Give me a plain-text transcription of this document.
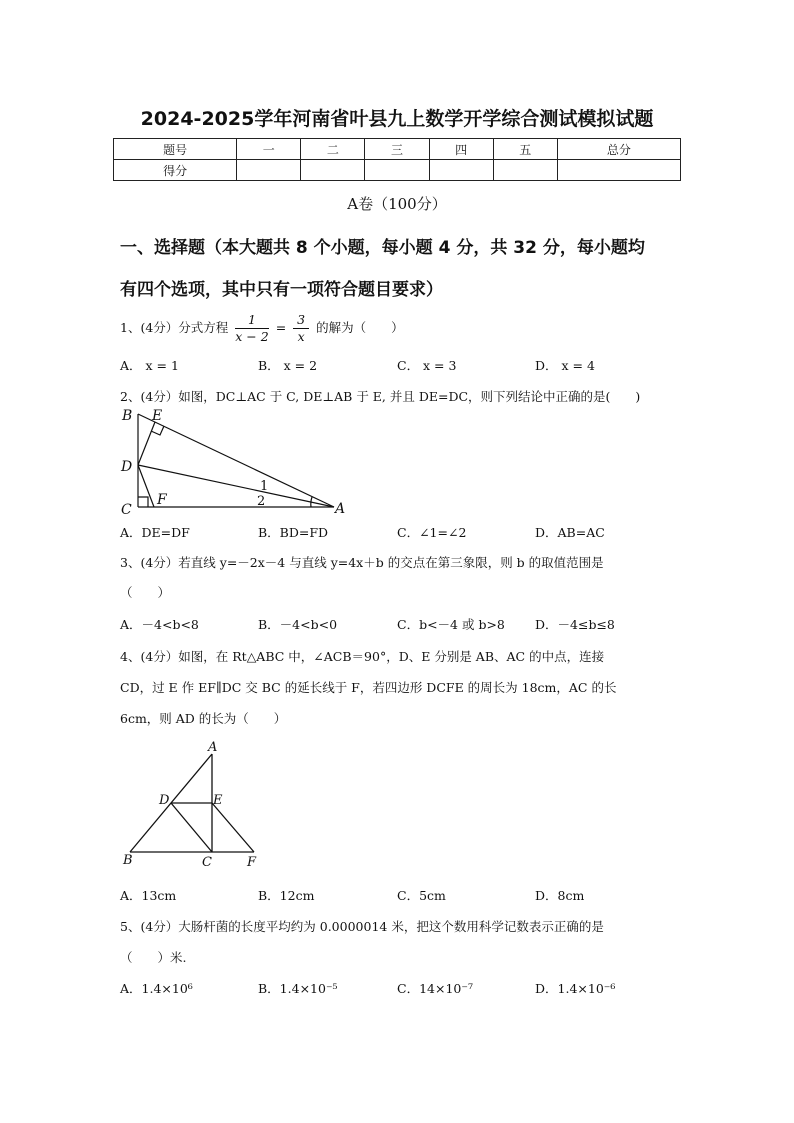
2024-2025学年河南省叶县九上数学开学综合测试模拟试题
题号	一	二	三	四	五	总分
得分						
A卷（100分）
一、选择题（本大题共 8 个小题，每小题 4 分，共 32 分，每小题均
有四个选项，其中只有一项符合题目要求）
1、(4分）分式方程 $\frac{1}{x - 2} = \frac{3}{x}$ 的解为（　　）
A． x = 1	B． x = 2	C． x = 3	D． x = 4
2、(4分）如图，DC⊥AC 于 C, DE⊥AB 于 E, 并且 DE=DC，则下列结论中正确的是(　　)
B E
D
C
F
1
2	A
A．DE=DF	B．BD=FD	C．∠1=∠2	D．AB=AC
3、(4分）若直线 y=－2x－4 与直线 y=4x＋b 的交点在第三象限，则 b 的取值范围是
（　　）
A．－4<b<8	B．－4<b<0	C．b<－4 或 b>8 D．－4≤b≤8
4、(4分）如图，在 Rt△ABC 中，∠ACB＝90°，D、E 分别是 AB、AC 的中点，连接
CD，过 E 作 EF∥DC 交 BC 的延长线于 F，若四边形 DCFE 的周长为 18cm，AC 的长
6cm，则 AD 的长为（　　）
A
D	E
B	C	F
A．13cm	B．12cm	C．5cm	D．8cm
5、(4分）大肠杆菌的长度平均约为 0.0000014 米，把这个数用科学记数表示正确的是
（　　）米.
A．1.4×10⁶	B．1.4×10⁻⁵	C．14×10⁻⁷	D．1.4×10⁻⁶
